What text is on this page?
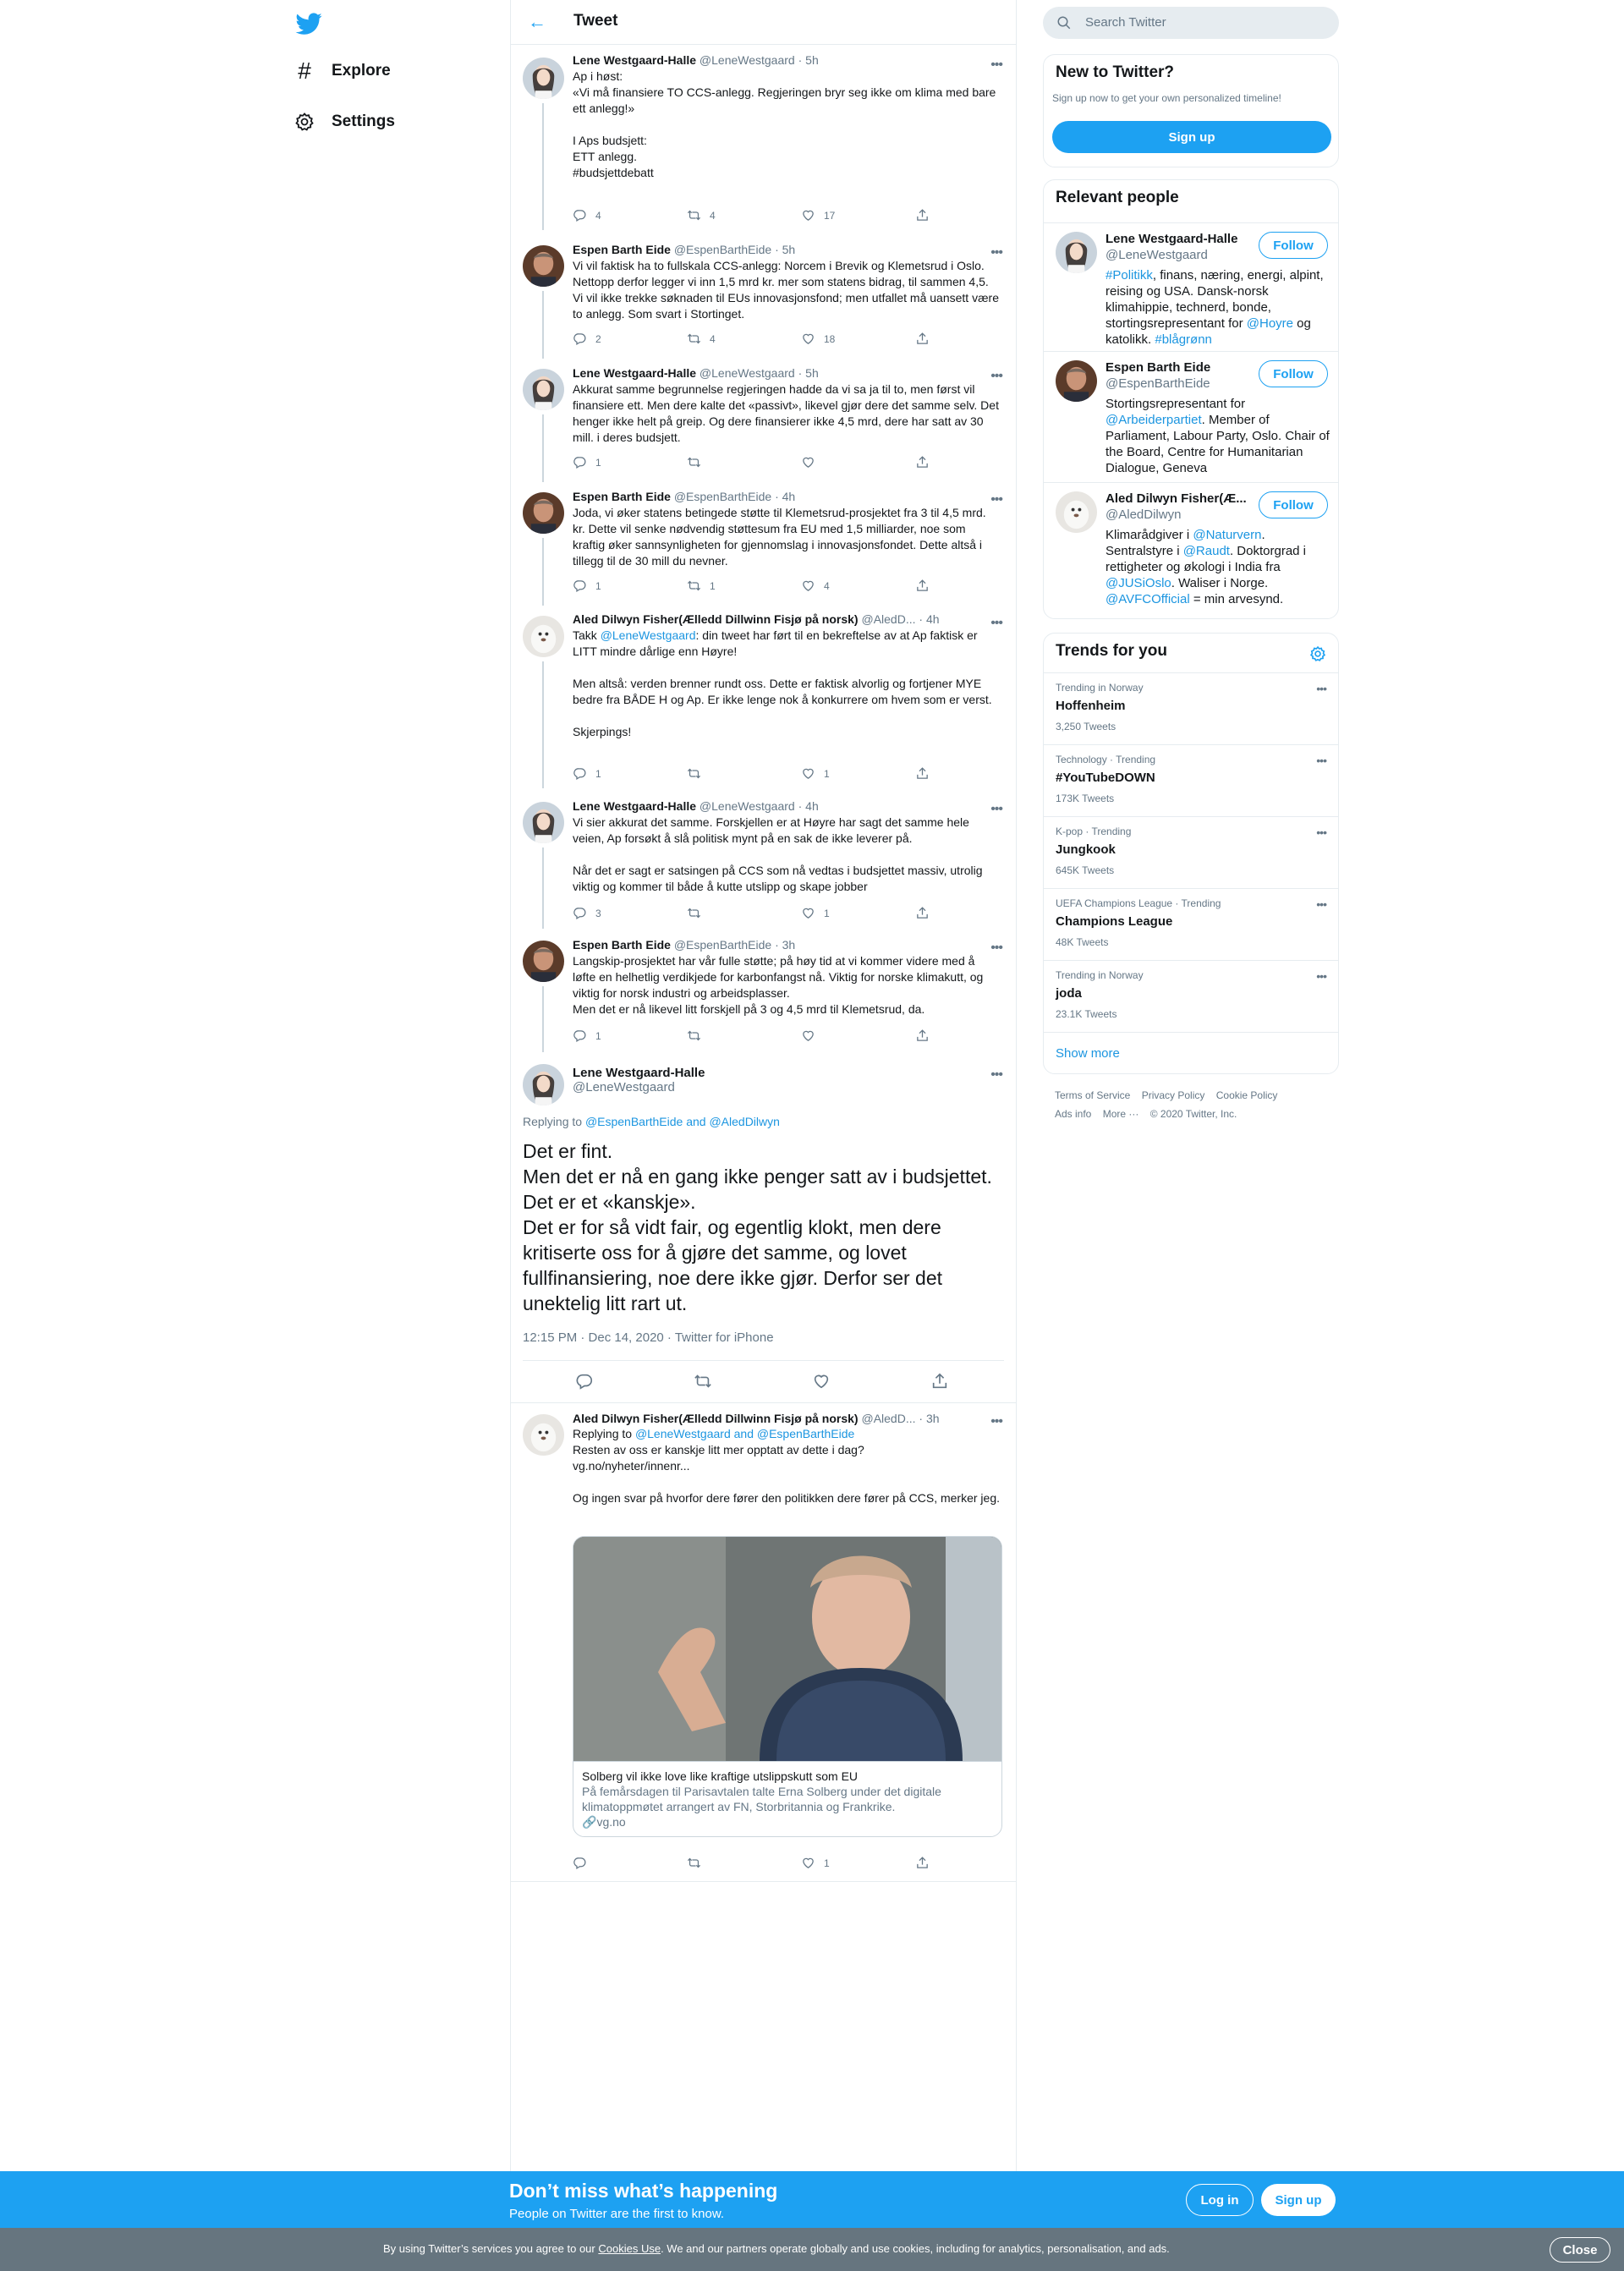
#	Explore
Settings
← Tweet
Lene Westgaard-Halle @LeneWestgaard · 5h
Ap i høst:
«Vi må finansiere TO CCS-anlegg. Regjeringen bryr seg ikke om klima med bare ett anlegg!»

I Aps budsjett:
ETT anlegg.

#budsjettdebatt
•••
4	4	17
Espen Barth Eide @EspenBarthEide · 5h
Vi vil faktisk ha to fullskala CCS-anlegg: Norcem i Brevik og Klemetsrud i Oslo. Nettopp derfor legger vi inn 1,5 mrd kr. mer som statens bidrag, til sammen 4,5. Vi vil ikke trekke søknaden til EUs innovasjonsfond; men utfallet må uansett være to anlegg. Som svart i Stortinget.
•••
2	4	18
Lene Westgaard-Halle @LeneWestgaard · 5h
Akkurat samme begrunnelse regjeringen hadde da vi sa ja til to, men først vil finansiere ett. Men dere kalte det «passivt», likevel gjør dere det samme selv. Det henger ikke helt på greip. Og dere finansierer ikke 4,5 mrd, dere har satt av 30 mill. i deres budsjett.
•••
1
Espen Barth Eide @EspenBarthEide · 4h
Joda, vi øker statens betingede støtte til Klemetsrud-prosjektet fra 3 til 4,5 mrd. kr. Dette vil senke nødvendig støttesum fra EU med 1,5 milliarder, noe som kraftig øker sannsynligheten for gjennomslag i innovasjonsfondet. Dette altså i tillegg til de 30 mill du nevner.
•••
1	1	4
Aled Dilwyn Fisher(Ælledd Dillwinn Fisjø på norsk) @AledD... · 4h
Takk @LeneWestgaard: din tweet har ført til en bekreftelse av at Ap faktisk er LITT mindre dårlige enn Høyre!

Men altså: verden brenner rundt oss. Dette er faktisk alvorlig og fortjener MYE bedre fra BÅDE H og Ap. Er ikke lenge nok å konkurrere om hvem som er verst.

Skjerpings!
•••
1	1
Lene Westgaard-Halle @LeneWestgaard · 4h
Vi sier akkurat det samme. Forskjellen er at Høyre har sagt det samme hele veien, Ap forsøkt å slå politisk mynt på en sak de ikke leverer på.

Når det er sagt er satsingen på CCS som nå vedtas i budsjettet massiv, utrolig viktig og kommer til både å kutte utslipp og skape jobber
•••
3	1
Espen Barth Eide @EspenBarthEide · 3h
Langskip-prosjektet har vår fulle støtte; på høy tid at vi kommer videre med å løfte en helhetlig verdikjede for karbonfangst nå. Viktig for norske klimakutt, og viktig for norsk industri og arbeidsplasser.
Men det er nå likevel litt forskjell på 3 og 4,5 mrd til Klemetsrud, da.
•••
1
Lene Westgaard-Halle
@LeneWestgaard
•••
Replying to @EspenBarthEide and @AledDilwyn
Det er fint.
Men det er nå en gang ikke penger satt av i budsjettet. Det er et «kanskje».
Det er for så vidt fair, og egentlig klokt, men dere kritiserte oss for å gjøre det samme, og lovet fullfinansiering, noe dere ikke gjør. Derfor ser det unektelig litt rart ut.
12:15 PM · Dec 14, 2020 · Twitter for iPhone
Aled Dilwyn Fisher(Ælledd Dillwinn Fisjø på norsk) @AledD... · 3h
Replying to @LeneWestgaard and @EspenBarthEide
Resten av oss er kanskje litt mer opptatt av dette i dag?
vg.no/nyheter/innenr...
Og ingen svar på hvorfor dere fører den politikken dere fører på CCS, merker jeg.
•••
Solberg vil ikke love like kraftige utslippskutt som EU
På femårsdagen til Parisavtalen talte Erna Solberg under det digitale klimatoppmøtet arrangert av FN, Storbritannia og Frankrike.
🔗vg.no
1
Search Twitter
New to Twitter?
Sign up now to get your own personalized timeline!
Sign up
Relevant people
Lene Westgaard-Halle
@LeneWestgaard
Follow
#Politikk, finans, næring, energi, alpint, reising og USA. Dansk-norsk klimahippie, technerd, bonde, stortingsrepresentant for @Hoyre og katolikk. #blågrønn
Espen Barth Eide
@EspenBarthEide
Follow
Stortingsrepresentant for @Arbeiderpartiet. Member of Parliament, Labour Party, Oslo. Chair of the Board, Centre for Humanitarian Dialogue, Geneva
Aled Dilwyn Fisher(Æ...
@AledDilwyn
Follow
Klimarådgiver i @Naturvern. Sentralstyre i @Raudt. Doktorgrad i rettigheter og økologi i India fra @JUSiOslo. Waliser i Norge. @AVFCOfficial = min arvesynd.
Trends for you
Trending in Norway
Hoffenheim
3,250 Tweets
•••
Technology · Trending
#YouTubeDOWN
173K Tweets
•••
K-pop · Trending
Jungkook
645K Tweets
•••
UEFA Champions League · Trending
Champions League
48K Tweets
•••
Trending in Norway
joda
23.1K Tweets
•••
Show more
Terms of Service Privacy Policy Cookie Policy
Ads info More ··· © 2020 Twitter, Inc.
Don’t miss what’s happening
People on Twitter are the first to know.
Log in	Sign up
By using Twitter’s services you agree to our Cookies Use. We and our partners operate globally and use cookies, including for analytics, personalisation, and ads.	Close
